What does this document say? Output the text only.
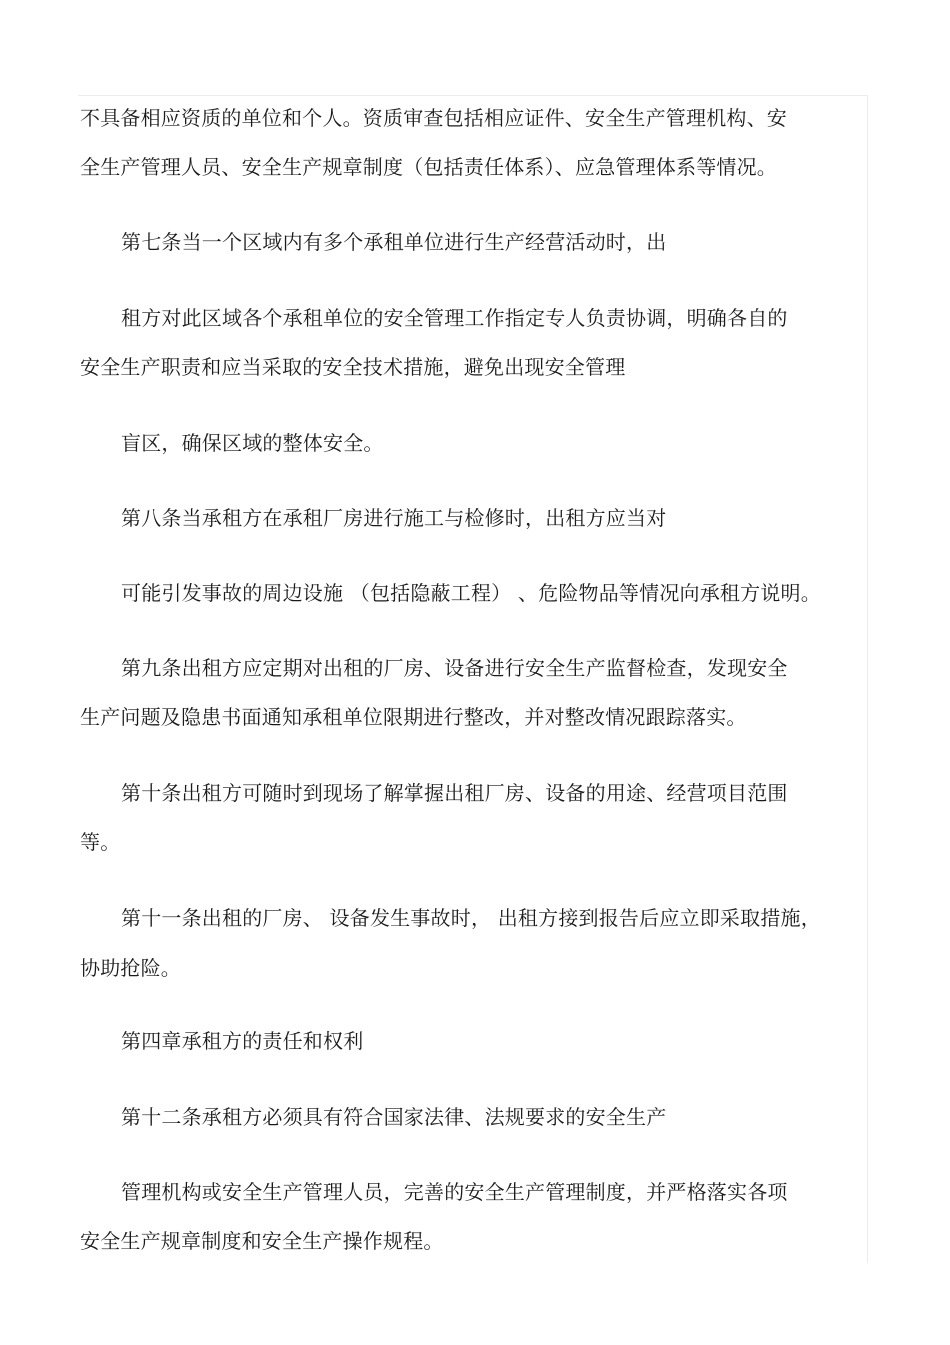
不具备相应资质的单位和个人。资质审查包括相应证件、安全生产管理机构、安
全生产管理人员、安全生产规章制度（包括责任体系）、应急管理体系等情况。
第七条当一个区域内有多个承租单位进行生产经营活动时，出
租方对此区域各个承租单位的安全管理工作指定专人负责协调，明确各自的
安全生产职责和应当采取的安全技术措施，避免出现安全管理
盲区，确保区域的整体安全。
第八条当承租方在承租厂房进行施工与检修时，出租方应当对
可能引发事故的周边设施 （包括隐蔽工程） 、危险物品等情况向承租方说明。
第九条出租方应定期对出租的厂房、设备进行安全生产监督检查，发现安全
生产问题及隐患书面通知承租单位限期进行整改，并对整改情况跟踪落实。
第十条出租方可随时到现场了解掌握出租厂房、设备的用途、经营项目范围
等。
第十一条出租的厂房、 设备发生事故时， 出租方接到报告后应立即采取措施，
协助抢险。
第四章承租方的责任和权利
第十二条承租方必须具有符合国家法律、法规要求的安全生产
管理机构或安全生产管理人员，完善的安全生产管理制度，并严格落实各项
安全生产规章制度和安全生产操作规程。
